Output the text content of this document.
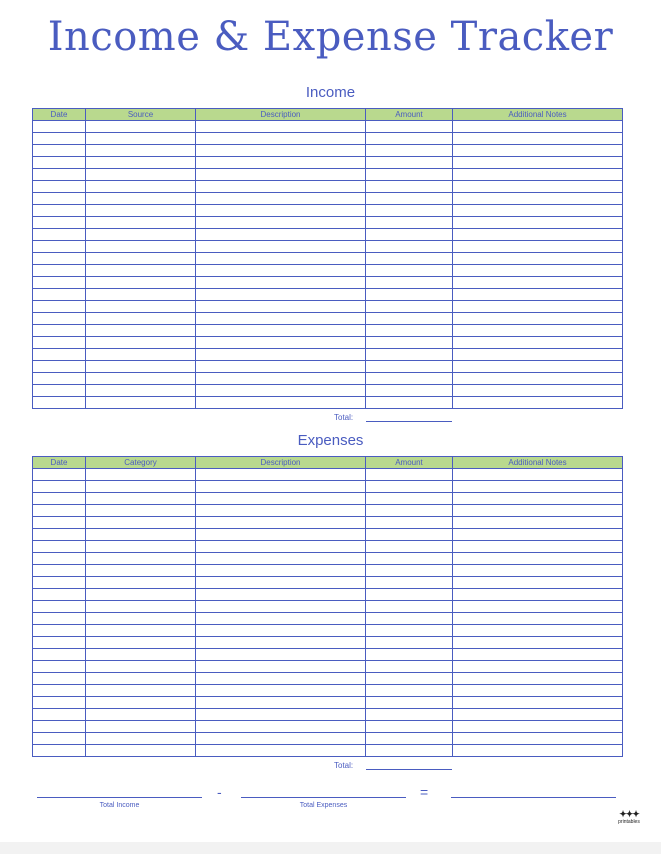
Income & Expense Tracker
Income
Date	Source	Description	Amount	Additional Notes

Total:
Expenses
Date	Category	Description	Amount	Additional Notes

Total:
Total Income
-
Total Expenses
=
✦✦✦
printables
